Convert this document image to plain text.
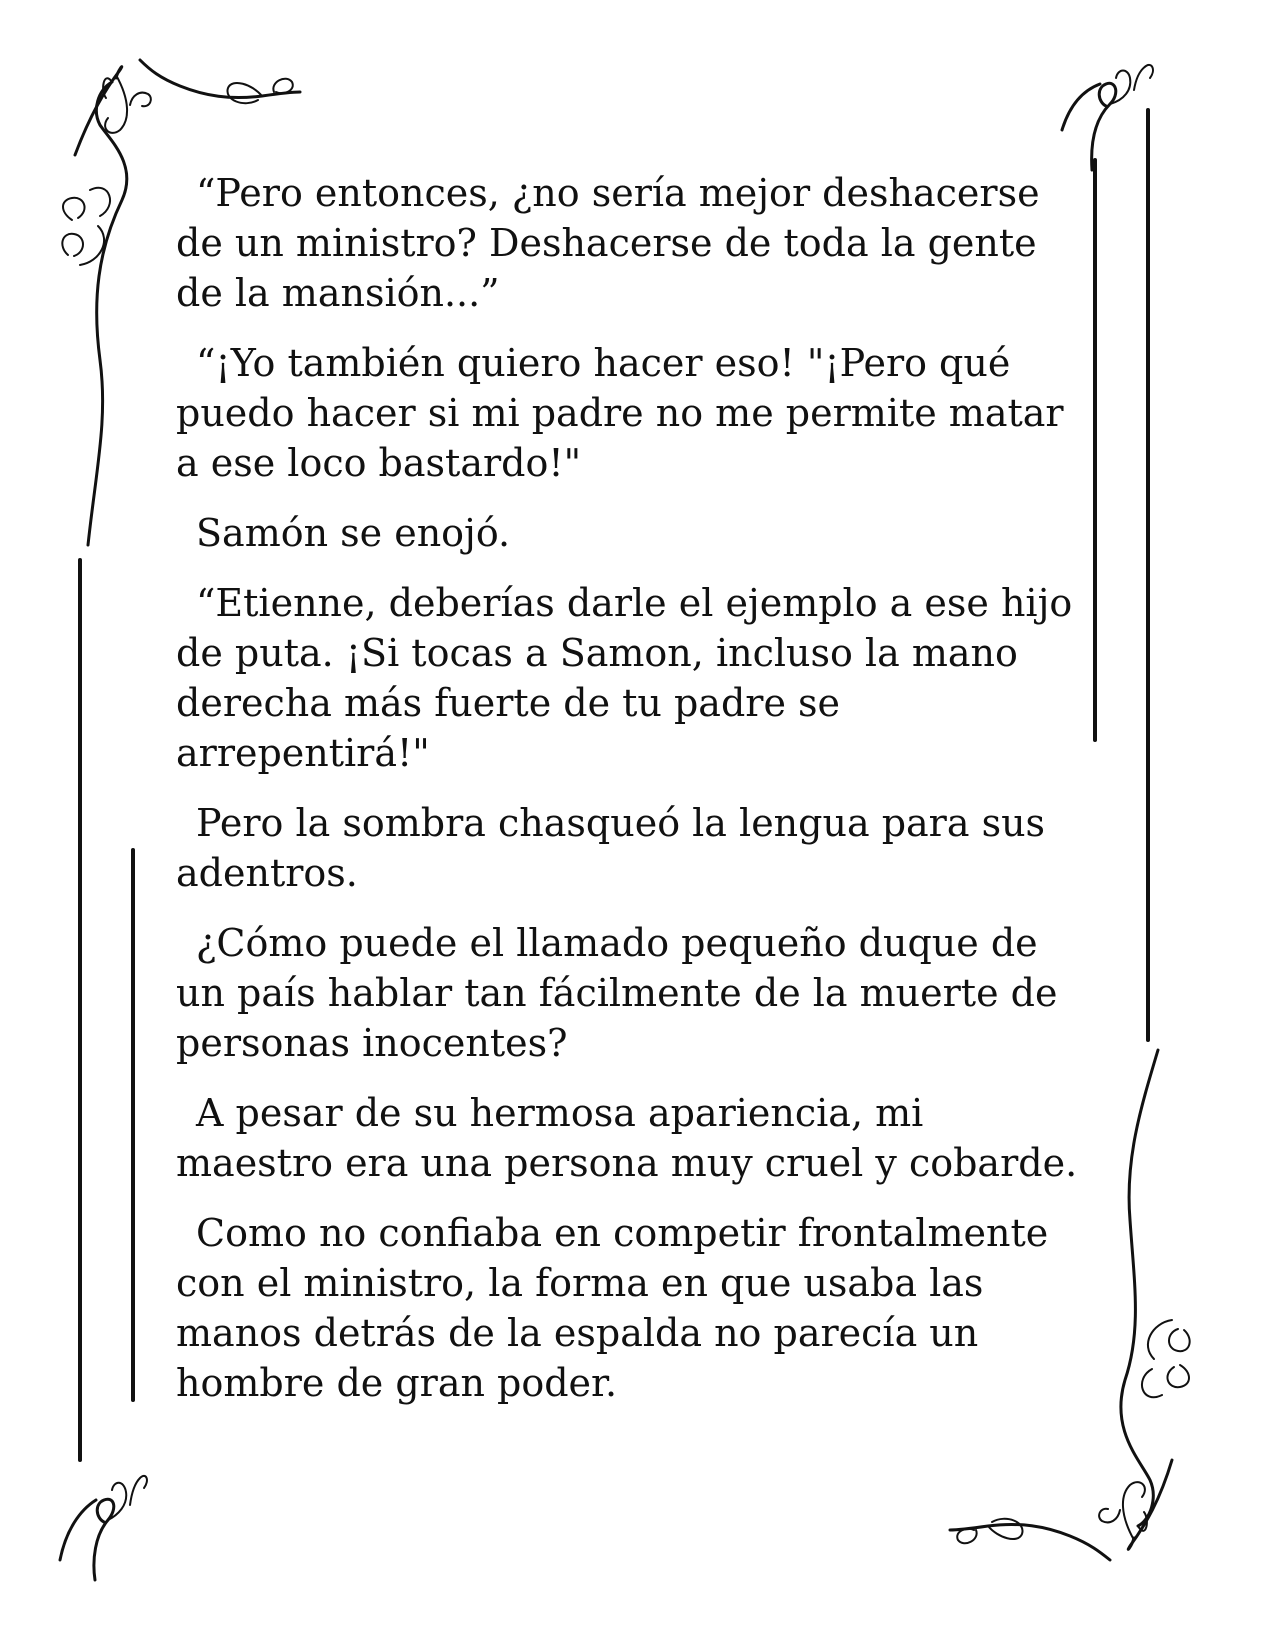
“Pero entonces, ¿no sería mejor deshacerse de un ministro? Deshacerse de toda la gente de la mansión...”

“¡Yo también quiero hacer eso! "¡Pero qué puedo hacer si mi padre no me permite matar a ese loco bastardo!"

Samón se enojó.

“Etienne, deberías darle el ejemplo a ese hijo de puta. ¡Si tocas a Samon, incluso la mano derecha más fuerte de tu padre se arrepentirá!"

Pero la sombra chasqueó la lengua para sus adentros.

¿Cómo puede el llamado pequeño duque de un país hablar tan fácilmente de la muerte de personas inocentes?

A pesar de su hermosa apariencia, mi maestro era una persona muy cruel y cobarde.

Como no confiaba en competir frontalmente con el ministro, la forma en que usaba las manos detrás de la espalda no parecía un hombre de gran poder.
